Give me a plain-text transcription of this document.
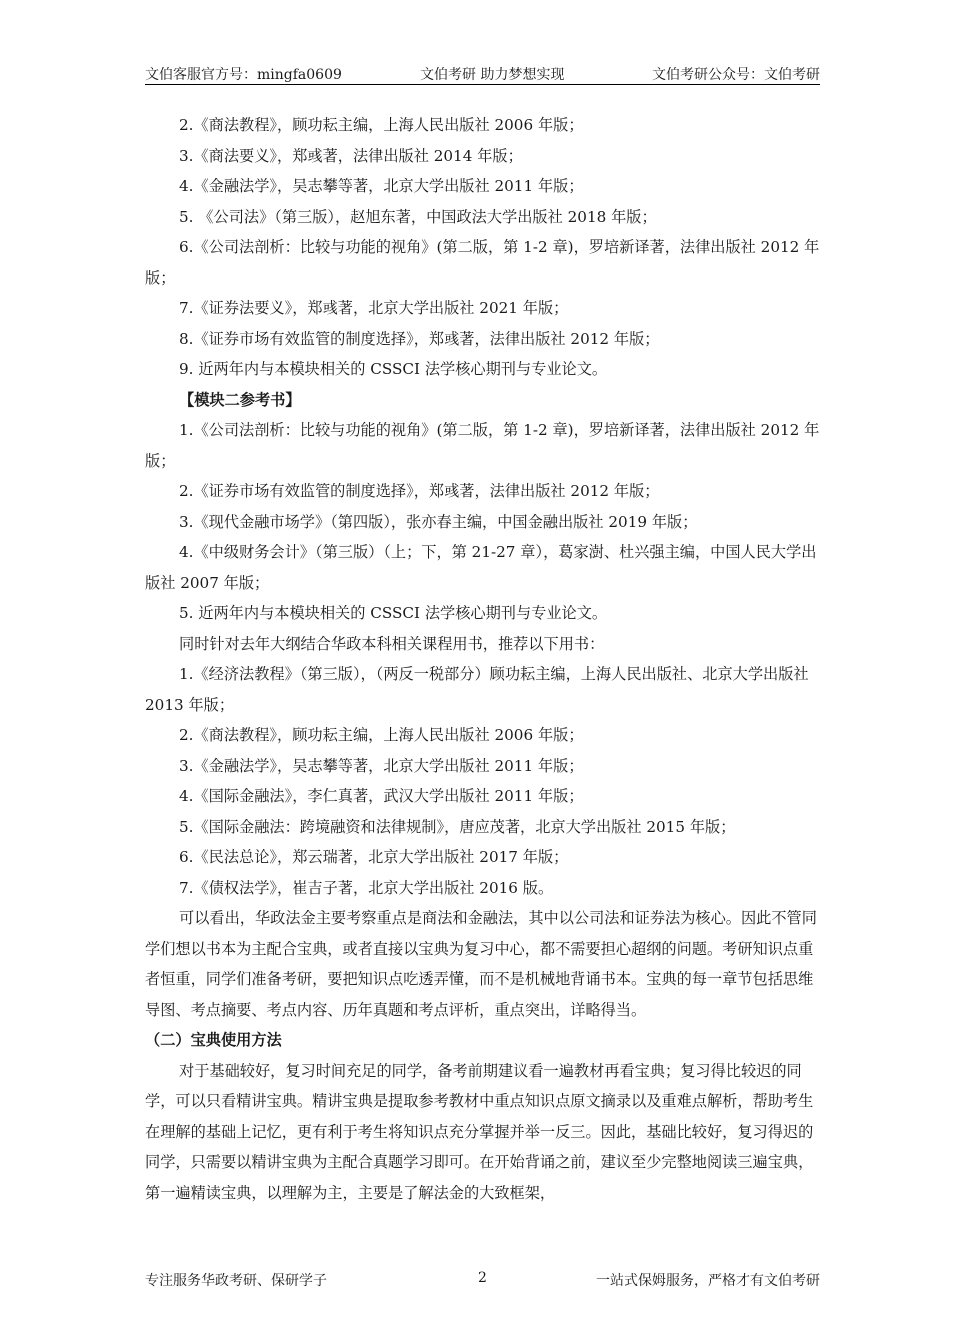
文伯客服官方号：mingfa0609	文伯考研 助力梦想实现	文伯考研公众号：文伯考研

2.《商法教程》，顾功耘主编，上海人民出版社 2006 年版；

3.《商法要义》，郑彧著，法律出版社 2014 年版；

4.《金融法学》，吴志攀等著，北京大学出版社 2011 年版；

5. 《公司法》（第三版），赵旭东著，中国政法大学出版社 2018 年版；

6.《公司法剖析：比较与功能的视角》(第二版，第 1-2 章)，罗培新译著，法律出版社 2012 年版；

7.《证券法要义》，郑彧著，北京大学出版社 2021 年版；

8.《证券市场有效监管的制度选择》，郑彧著，法律出版社 2012 年版；

9. 近两年内与本模块相关的 CSSCI 法学核心期刊与专业论文。

【模块二参考书】

1.《公司法剖析：比较与功能的视角》(第二版，第 1-2 章)，罗培新译著，法律出版社 2012 年版；

2.《证券市场有效监管的制度选择》，郑彧著，法律出版社 2012 年版；

3.《现代金融市场学》（第四版），张亦春主编，中国金融出版社 2019 年版；

4.《中级财务会计》（第三版）（上；下，第 21-27 章），葛家澍、杜兴强主编，中国人民大学出版社 2007 年版；

5. 近两年内与本模块相关的 CSSCI 法学核心期刊与专业论文。

同时针对去年大纲结合华政本科相关课程用书，推荐以下用书：

1.《经济法教程》（第三版），（两反一税部分）顾功耘主编，上海人民出版社、北京大学出版社 2013 年版；

2.《商法教程》，顾功耘主编，上海人民出版社 2006 年版；

3.《金融法学》，吴志攀等著，北京大学出版社 2011 年版；

4.《国际金融法》，李仁真著，武汉大学出版社 2011 年版；

5.《国际金融法：跨境融资和法律规制》，唐应茂著，北京大学出版社 2015 年版；

6.《民法总论》，郑云瑞著，北京大学出版社 2017 年版；

7.《债权法学》，崔吉子著，北京大学出版社 2016 版。

可以看出，华政法金主要考察重点是商法和金融法，其中以公司法和证券法为核心。因此不管同学们想以书本为主配合宝典，或者直接以宝典为复习中心，都不需要担心超纲的问题。考研知识点重者恒重，同学们准备考研，要把知识点吃透弄懂，而不是机械地背诵书本。宝典的每一章节包括思维导图、考点摘要、考点内容、历年真题和考点评析，重点突出，详略得当。

（二）宝典使用方法

对于基础较好，复习时间充足的同学，备考前期建议看一遍教材再看宝典；复习得比较迟的同学，可以只看精讲宝典。精讲宝典是提取参考教材中重点知识点原文摘录以及重难点解析，帮助考生在理解的基础上记忆，更有利于考生将知识点充分掌握并举一反三。因此，基础比较好，复习得迟的同学，只需要以精讲宝典为主配合真题学习即可。在开始背诵之前，建议至少完整地阅读三遍宝典，第一遍精读宝典，以理解为主，主要是了解法金的大致框架，

专注服务华政考研、保研学子	2	一站式保姆服务，严格才有文伯考研
